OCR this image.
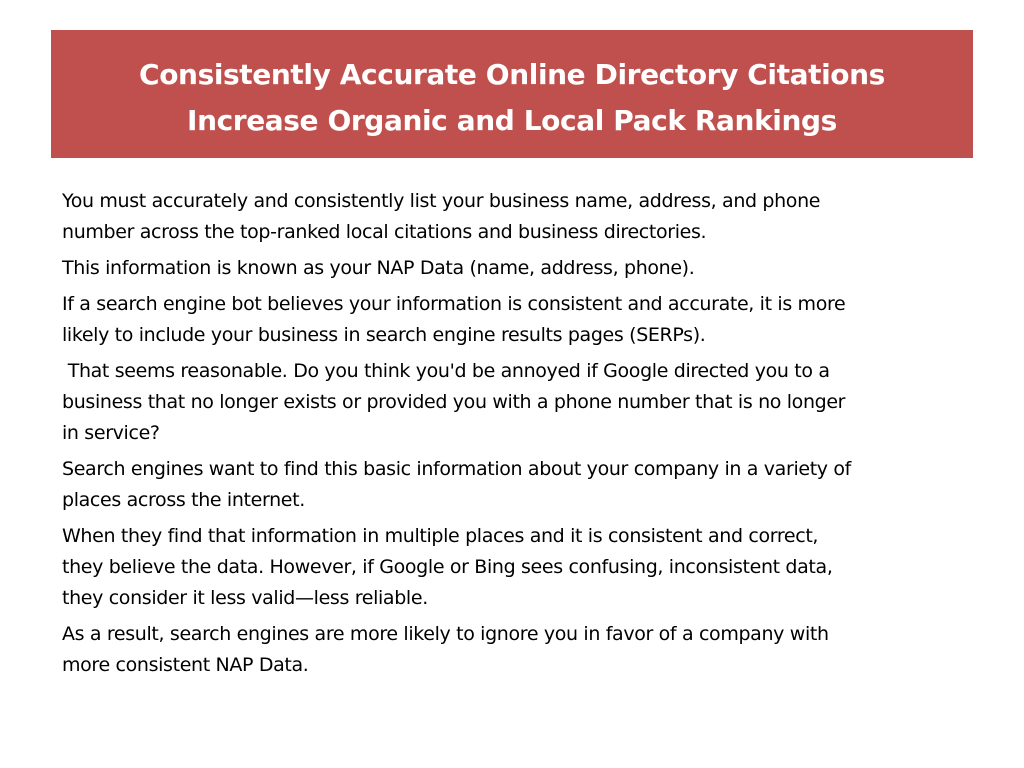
Consistently Accurate Online Directory Citations
Increase Organic and Local Pack Rankings

You must accurately and consistently list your business name, address, and phone
number across the top-ranked local citations and business directories.

This information is known as your NAP Data (name, address, phone).

If a search engine bot believes your information is consistent and accurate, it is more
likely to include your business in search engine results pages (SERPs).

That seems reasonable. Do you think you'd be annoyed if Google directed you to a
business that no longer exists or provided you with a phone number that is no longer
in service?

Search engines want to find this basic information about your company in a variety of
places across the internet.

When they find that information in multiple places and it is consistent and correct,
they believe the data. However, if Google or Bing sees confusing, inconsistent data,
they consider it less valid—less reliable.

As a result, search engines are more likely to ignore you in favor of a company with
more consistent NAP Data.
